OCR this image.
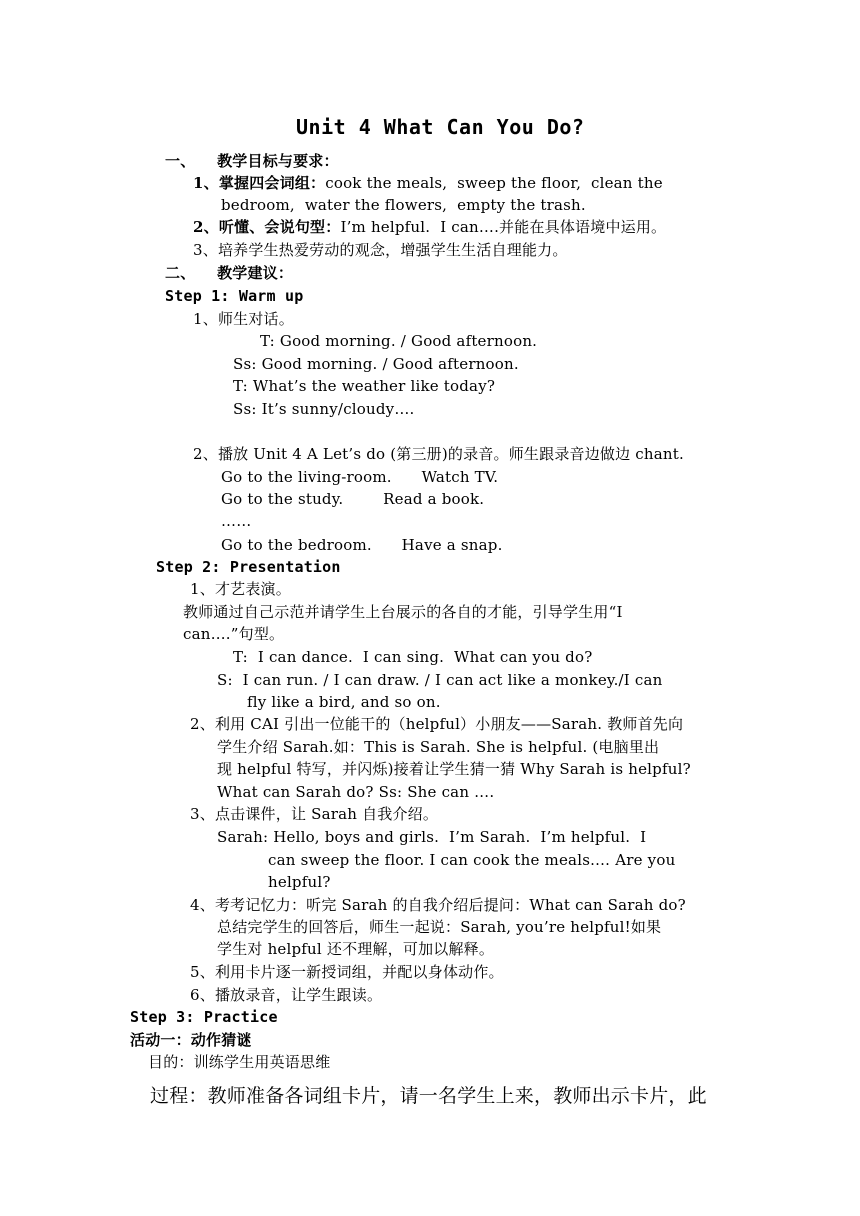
Unit 4 What Can You Do?
一、    教学目标与要求：
1、掌握四会词组：cook the meals,  sweep the floor,  clean the
bedroom,  water the flowers,  empty the trash.
2、听懂、会说句型：I’m helpful.  I can….并能在具体语境中运用。
3、培养学生热爱劳动的观念，增强学生生活自理能力。
二、    教学建议：
Step 1: Warm up
1、师生对话。
T: Good morning. / Good afternoon.
Ss: Good morning. / Good afternoon.
T: What’s the weather like today?
Ss: It’s sunny/cloudy….
2、播放 Unit 4 A Let’s do (第三册)的录音。师生跟录音边做边 chant.
Go to the living-room.      Watch TV.
Go to the study.        Read a book.
……
Go to the bedroom.      Have a snap.
Step 2: Presentation
1、才艺表演。
教师通过自己示范并请学生上台展示的各自的才能，引导学生用“I
can….”句型。
T:  I can dance.  I can sing.  What can you do?
S:  I can run. / I can draw. / I can act like a monkey./I can
fly like a bird, and so on.
2、利用 CAI 引出一位能干的（helpful）小朋友——Sarah. 教师首先向
学生介绍 Sarah.如：This is Sarah. She is helpful. (电脑里出
现 helpful 特写，并闪烁)接着让学生猜一猜 Why Sarah is helpful?
What can Sarah do? Ss: She can ….
3、点击课件，让 Sarah 自我介绍。
Sarah: Hello, boys and girls.  I’m Sarah.  I’m helpful.  I
can sweep the floor. I can cook the meals.… Are you
helpful?
4、考考记忆力：听完 Sarah 的自我介绍后提问：What can Sarah do?
总结完学生的回答后，师生一起说：Sarah, you’re helpful!如果
学生对 helpful 还不理解，可加以解释。
5、利用卡片逐一新授词组，并配以身体动作。
6、播放录音，让学生跟读。
Step 3: Practice
活动一：动作猜谜
目的：训练学生用英语思维
过程：教师准备各词组卡片，请一名学生上来，教师出示卡片，此
